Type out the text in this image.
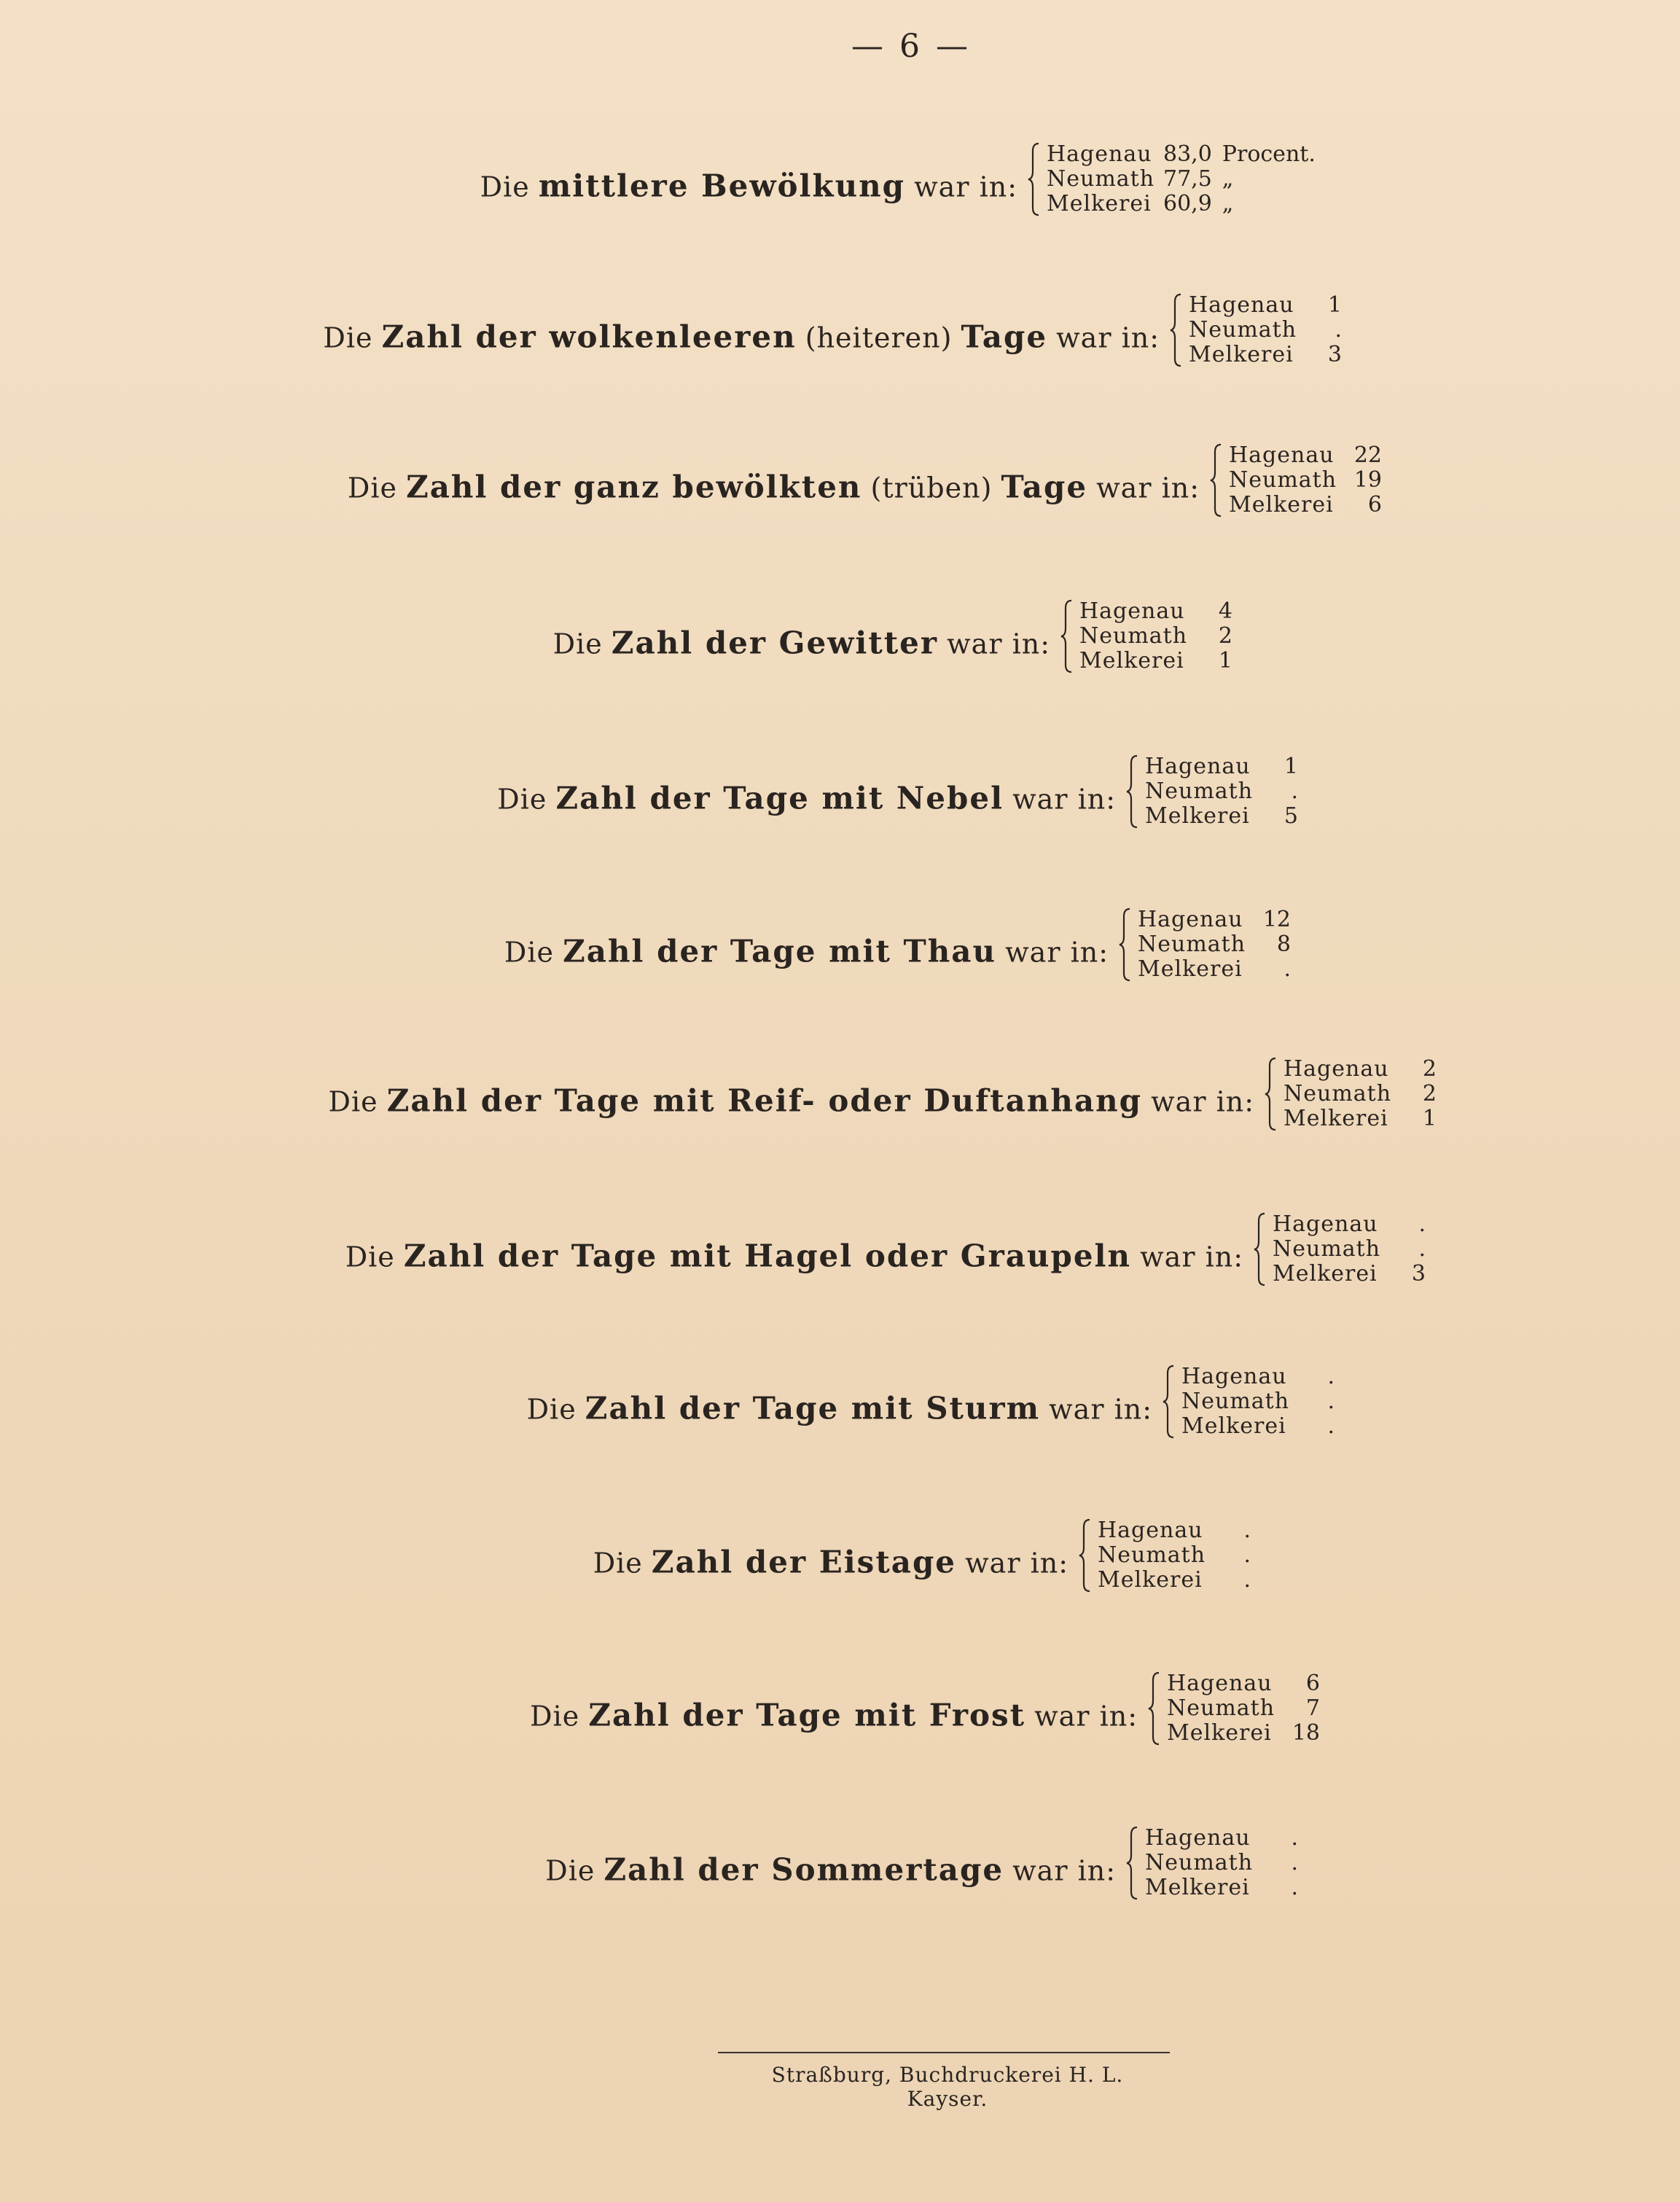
— 6 —
Die mittlere Bewölkung war in:
Hagenau 83,0 Procent.
Neumath 77,5 „
Melkerei 60,9 „
Die Zahl der wolkenleeren (heiteren) Tage war in:
Hagenau 1
Neumath .
Melkerei 3
Die Zahl der ganz bewölkten (trüben) Tage war in:
Hagenau 22
Neumath 19
Melkerei 6
Die Zahl der Gewitter war in:
Hagenau 4
Neumath 2
Melkerei 1
Die Zahl der Tage mit Nebel war in:
Hagenau 1
Neumath .
Melkerei 5
Die Zahl der Tage mit Thau war in:
Hagenau 12
Neumath 8
Melkerei .
Die Zahl der Tage mit Reif- oder Duftanhang war in:
Hagenau 2
Neumath 2
Melkerei 1
Die Zahl der Tage mit Hagel oder Graupeln war in:
Hagenau .
Neumath .
Melkerei 3
Die Zahl der Tage mit Sturm war in:
Hagenau .
Neumath .
Melkerei .
Die Zahl der Eistage war in:
Hagenau .
Neumath .
Melkerei .
Die Zahl der Tage mit Frost war in:
Hagenau 6
Neumath 7
Melkerei 18
Die Zahl der Sommertage war in:
Hagenau .
Neumath .
Melkerei .
Straßburg, Buchdruckerei H. L. Kayser.
